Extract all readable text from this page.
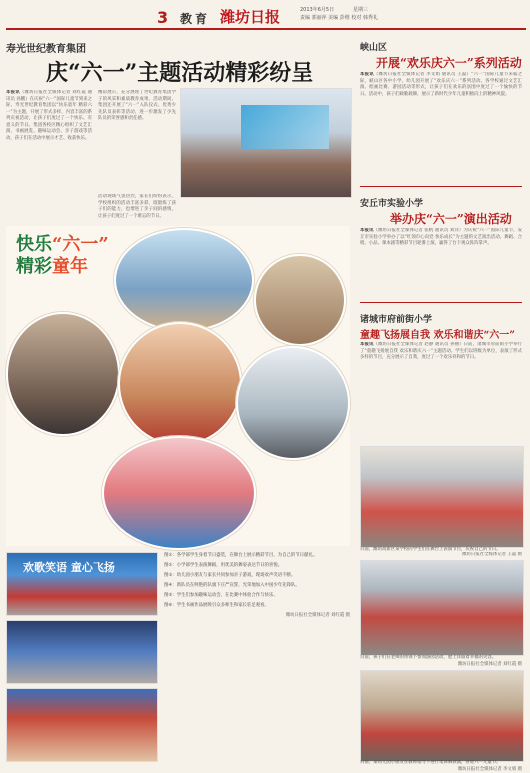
3 教育 潍坊日报	2013年6月5日	星期三
责编 郭丽萍 美编 彭维 校对 韩秀礼
寿光世纪教育集团
庆“六一”主题活动精彩纷呈
本报讯（潍坊日报社全媒体记者 刘红霞 通讯员 孙鹏）在庆祝“六一”国际儿童节到来之际，寿光世纪教育集团以“快乐童年 精彩六一”为主题，开展了形式多样、内容丰富的系列庆祝活动，让孩子们度过了一个快乐、有意义的节日。集团各校区精心组织了文艺汇演、书画展览、趣味运动会、亲子游戏等活动，孩子们在活动中展示才艺、收获快乐。
精彩展示，充分展现了世纪教育集团学子的风采和素质教育成果。活动期间，集团还开展了“六一”入队仪式、优秀少先队员表彰等活动，进一步激发了少先队员的荣誉感和责任感。
活动现场气氛热烈，家长们纷纷表示，学校组织的活动丰富多彩，既锻炼了孩子们的能力，也增进了亲子间的感情，让孩子们度过了一个难忘的节日。
快乐“六一”
精彩童年
欢歌笑语 童心飞扬
图①：各学部学生身着节日盛装，在舞台上展示精彩节目，为自己的节日献礼。
图②：小学部学生表演舞蹈，用优美的舞姿表达节日的喜悦。
图③：幼儿园小朋友与家长共同参加亲子游戏，现场欢声笑语不断。
图④：新队员在鲜艳的队旗下庄严宣誓，光荣地加入中国少年先锋队。
图⑤：学生们参加趣味运动会，在比赛中体验合作与快乐。
图⑥：学生书画作品展吸引众多师生和家长驻足观看。
潍坊日报社全媒体记者 刘红霞 摄
峡山区
开展“欢乐庆六一”系列活动
本报讯（潍坊日报社全媒体记者 李文娟 通讯员 王磊）“六一”国际儿童节来临之际，峡山区各中小学、幼儿园开展了“欢乐庆六一”系列活动。各学校通过文艺汇演、绘画比赛、游园活动等形式，让孩子们在欢乐的氛围中度过了一个愉快的节日。活动中，孩子们载歌载舞，展示了新时代少年儿童积极向上的精神风貌。
安丘市实验小学
举办庆“六一”演出活动
本报讯（潍坊日报社全媒体记者 张帆 通讯员 刘洋）为庆祝“六一”国际儿童节，安丘市实验小学举办了以“红领巾心向党 快乐成长”为主题的文艺演出活动。舞蹈、合唱、小品、课本剧等精彩节目轮番上演，赢得了台下观众阵阵掌声。
诸城市府前街小学
童趣飞扬展自我 欢乐和谐庆“六一”
本报讯（潍坊日报社全媒体记者 赵静 通讯员 孙丽）日前，诸城市府前街小学举行了“童趣飞扬展自我 欢乐和谐庆六一”主题活动。学生们以班级为单位，表演了形式多样的节目，充分展示了自我，度过了一个欢乐祥和的节日。
日前，潍坊高新区某学校的学生们在舞台上表演节目，庆祝自己的节日。
潍坊日报社全媒体记者 王磊 摄
日前，孩子们在老师的带领下参加游园活动，脸上洋溢着幸福的笑容。
潍坊日报社全媒体记者 刘红霞 摄
日前，某幼儿园小朋友在教师指导下进行集体舞表演，喜迎六一儿童节。
潍坊日报社全媒体记者 李文娟 摄
